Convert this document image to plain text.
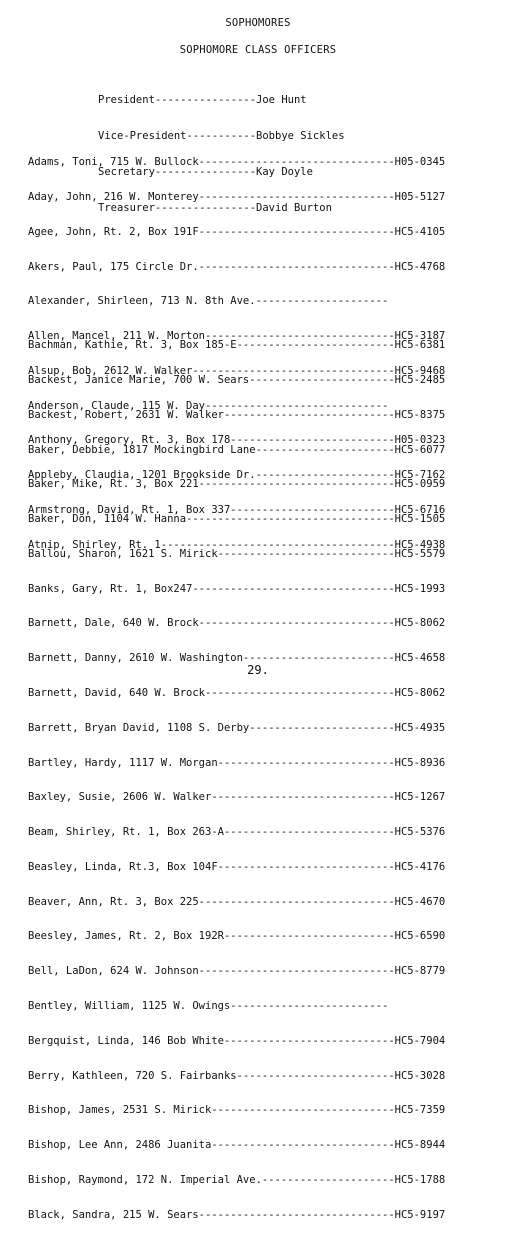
SOPHOMORES
SOPHOMORE CLASS OFFICERS

President----------------Joe Hunt

Vice-President-----------Bobbye Sickles

Secretary----------------Kay Doyle

Treasurer----------------David Burton

Adams, Toni, 715 W. Bullock-------------------------------H05-0345

Aday, John, 216 W. Monterey-------------------------------H05-5127

Agee, John, Rt. 2, Box 191F-------------------------------HC5-4105

Akers, Paul, 175 Circle Dr.-------------------------------HC5-4768

Alexander, Shirleen, 713 N. 8th Ave.---------------------

Allen, Mancel, 211 W. Morton------------------------------HC5-3187

Alsup, Bob, 2612 W. Walker--------------------------------HC5-9468

Anderson, Claude, 115 W. Day-----------------------------

Anthony, Gregory, Rt. 3, Box 178--------------------------H05-0323

Appleby, Claudia, 1201 Brookside Dr.----------------------HC5-7162

Armstrong, David, Rt. 1, Box 337--------------------------HC5-6716

Atnip, Shirley, Rt. 1-------------------------------------HC5-4938

Bachman, Kathie, Rt. 3, Box 185-E-------------------------HC5-6381

Backest, Janice Marie, 700 W. Sears-----------------------HC5-2485

Backest, Robert, 2631 W. Walker---------------------------HC5-8375

Baker, Debbie, 1817 Mockingbird Lane----------------------HC5-6077

Baker, Mike, Rt. 3, Box 221-------------------------------HC5-0959

Baker, Don, 1104 W. Hanna---------------------------------HC5-1505

Ballou, Sharon, 1621 S. Mirick----------------------------HC5-5579

Banks, Gary, Rt. 1, Box247--------------------------------HC5-1993

Barnett, Dale, 640 W. Brock-------------------------------HC5-8062

Barnett, Danny, 2610 W. Washington------------------------HC5-4658

Barnett, David, 640 W. Brock------------------------------HC5-8062

Barrett, Bryan David, 1108 S. Derby-----------------------HC5-4935

Bartley, Hardy, 1117 W. Morgan----------------------------HC5-8936

Baxley, Susie, 2606 W. Walker-----------------------------HC5-1267

Beam, Shirley, Rt. 1, Box 263-A---------------------------HC5-5376

Beasley, Linda, Rt.3, Box 104F----------------------------HC5-4176

Beaver, Ann, Rt. 3, Box 225-------------------------------HC5-4670

Beesley, James, Rt. 2, Box 192R---------------------------HC5-6590

Bell, LaDon, 624 W. Johnson-------------------------------HC5-8779

Bentley, William, 1125 W. Owings-------------------------

Bergquist, Linda, 146 Bob White---------------------------HC5-7904

Berry, Kathleen, 720 S. Fairbanks-------------------------HC5-3028

Bishop, James, 2531 S. Mirick-----------------------------HC5-7359

Bishop, Lee Ann, 2486 Juanita-----------------------------HC5-8944

Bishop, Raymond, 172 N. Imperial Ave.---------------------HC5-1788

Black, Sandra, 215 W. Sears-------------------------------HC5-9197

29.
